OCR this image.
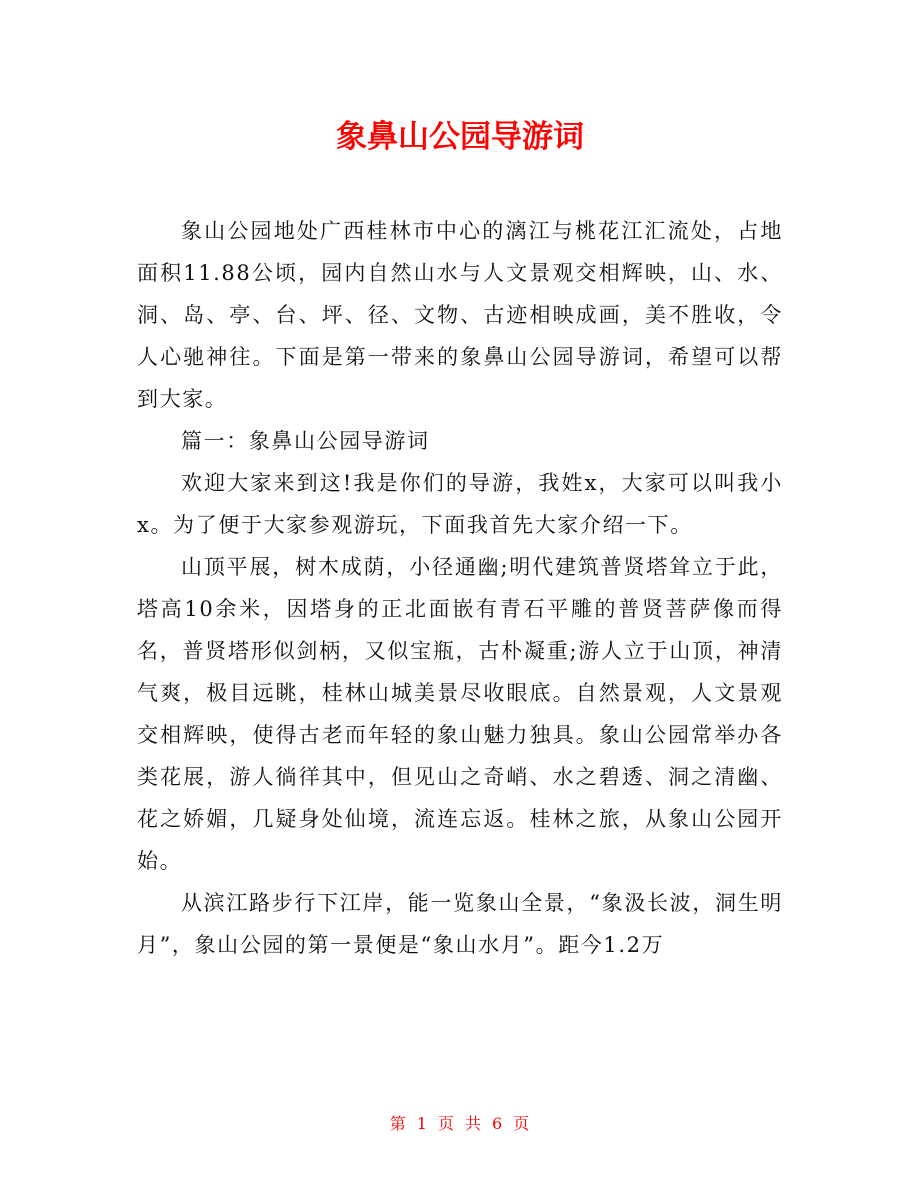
象鼻山公园导游词

象山公园地处广西桂林市中心的漓江与桃花江汇流处，占地面积11.88公顷，园内自然山水与人文景观交相辉映，山、水、洞、岛、亭、台、坪、径、文物、古迹相映成画，美不胜收，令人心驰神往。下面是第一带来的象鼻山公园导游词，希望可以帮到大家。

篇一：象鼻山公园导游词

欢迎大家来到这!我是你们的导游，我姓x，大家可以叫我小x。为了便于大家参观游玩，下面我首先大家介绍一下。

山顶平展，树木成荫，小径通幽;明代建筑普贤塔耸立于此，塔高10余米，因塔身的正北面嵌有青石平雕的普贤菩萨像而得名，普贤塔形似剑柄，又似宝瓶，古朴凝重;游人立于山顶，神清气爽，极目远眺，桂林山城美景尽收眼底。自然景观，人文景观交相辉映，使得古老而年轻的象山魅力独具。象山公园常举办各类花展，游人徜徉其中，但见山之奇峭、水之碧透、洞之清幽、花之娇媚，几疑身处仙境，流连忘返。桂林之旅，从象山公园开始。

从滨江路步行下江岸，能一览象山全景，“象汲长波，洞生明月”，象山公园的第一景便是“象山水月”。距今1.2万

第 1 页 共 6 页
